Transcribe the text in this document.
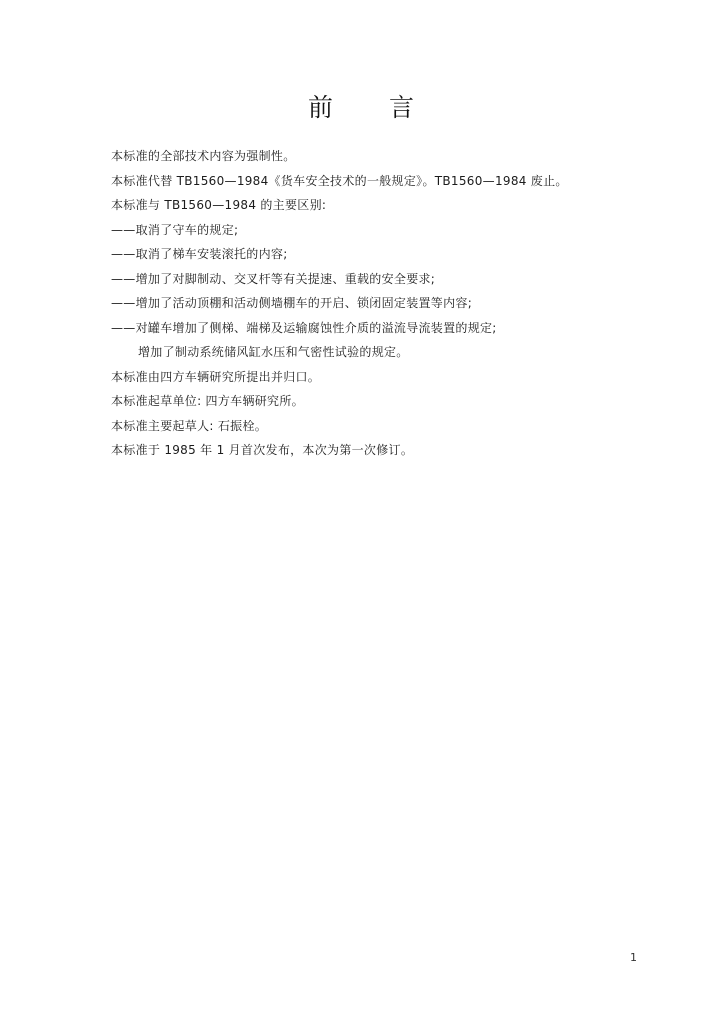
前 言
本标准的全部技术内容为强制性。
本标准代替 TB1560—1984《货车安全技术的一般规定》。TB1560—1984 废止。
本标准与 TB1560—1984 的主要区别:
——取消了守车的规定;
——取消了梯车安装滚托的内容;
——增加了对脚制动、交叉杆等有关提速、重载的安全要求;
——增加了活动顶棚和活动侧墙棚车的开启、锁闭固定装置等内容;
——对罐车增加了侧梯、端梯及运输腐蚀性介质的溢流导流装置的规定;
增加了制动系统储风缸水压和气密性试验的规定。
本标准由四方车辆研究所提出并归口。
本标准起草单位: 四方车辆研究所。
本标准主要起草人: 石振栓。
本标准于 1985 年 1 月首次发布，本次为第一次修订。
1
